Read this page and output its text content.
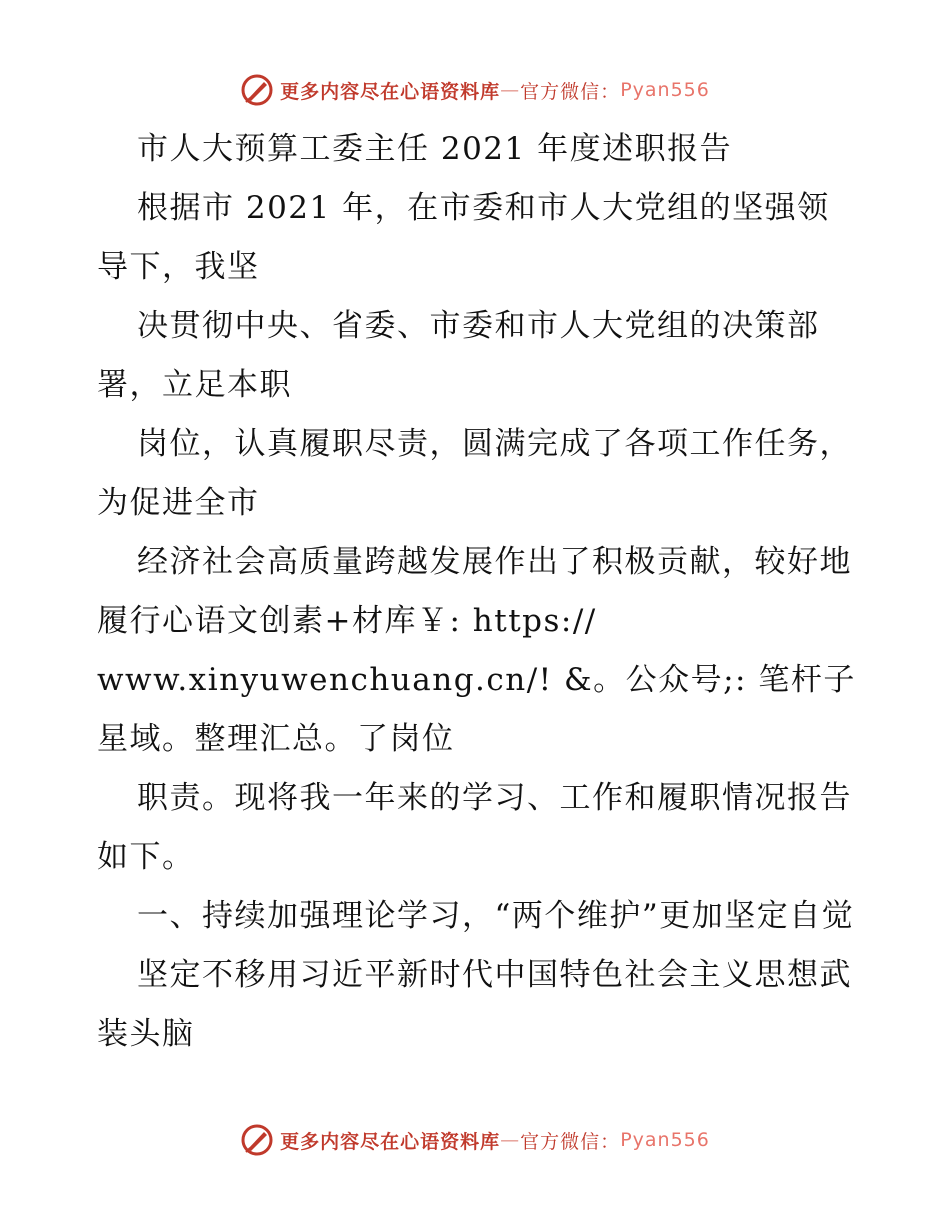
更多内容尽在心语资料库 — 官方微信： Pyan556

市人大预算工委主任 2021 年度述职报告

根据市 2021 年，在市委和市人大党组的坚强领导下，我坚

决贯彻中央、省委、市委和市人大党组的决策部署，立足本职

岗位，认真履职尽责，圆满完成了各项工作任务，为促进全市

经济社会高质量跨越发展作出了积极贡献，较好地履行心语文创素+材库￥: https://

www.xinyuwenchuang.cn/! &。公众号;: 笔杆子星域。整理汇总。了岗位

职责。现将我一年来的学习、工作和履职情况报告如下。

一、持续加强理论学习，“两个维护”更加坚定自觉

坚定不移用习近平新时代中国特色社会主义思想武装头脑

更多内容尽在心语资料库 — 官方微信： Pyan556
